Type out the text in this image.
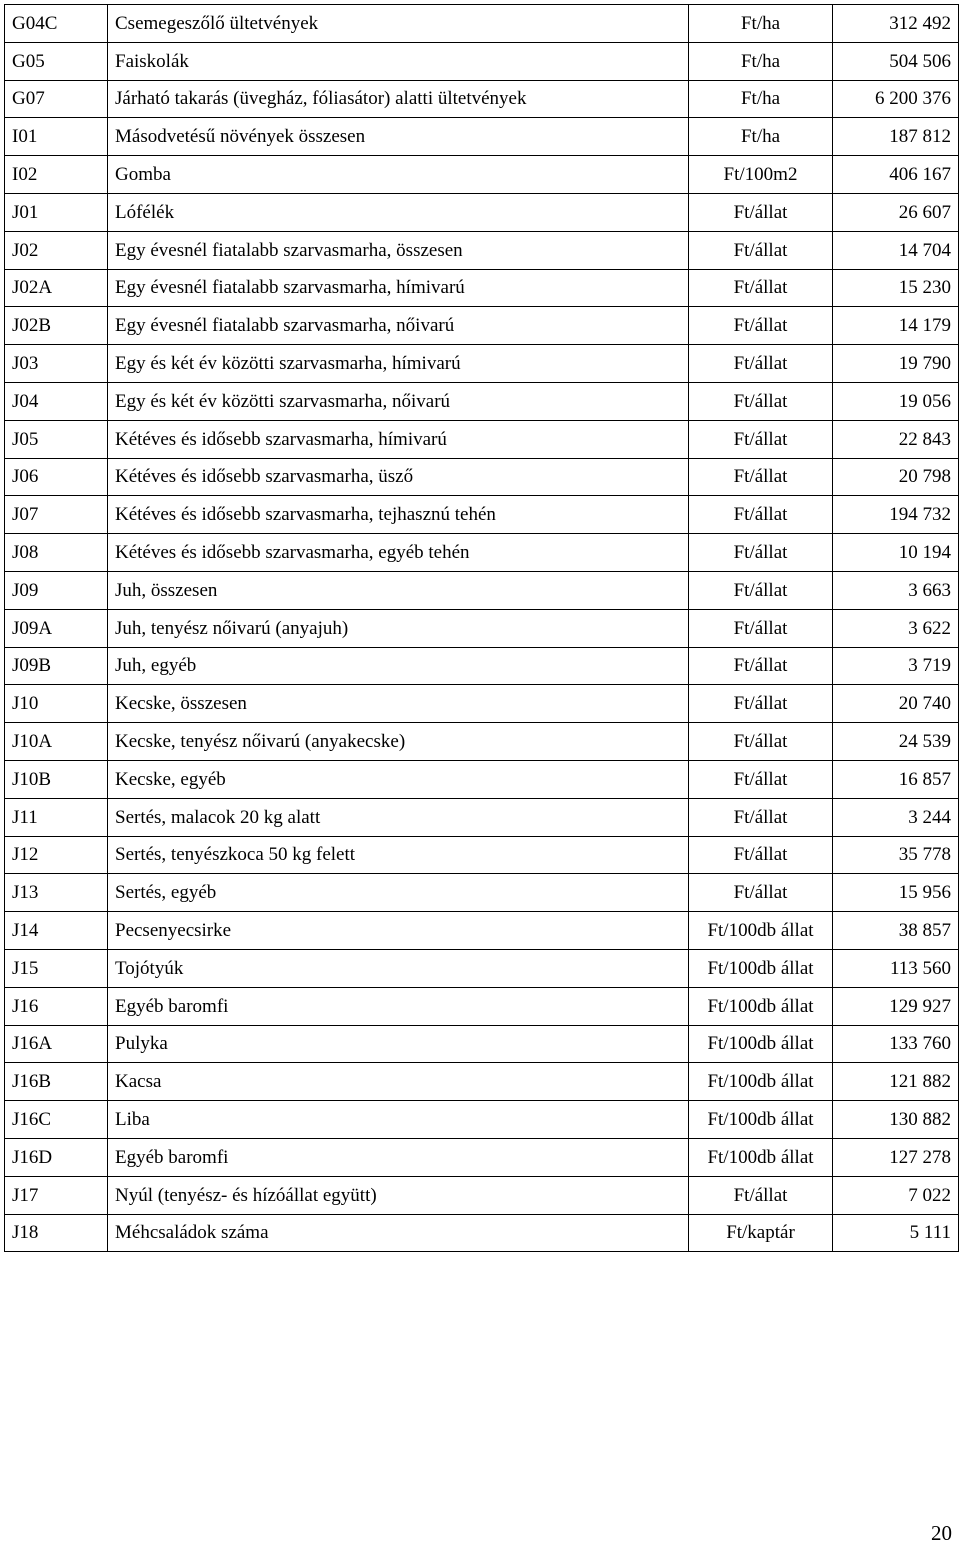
G04C	Csemegeszőlő ültetvények	Ft/ha	312 492
G05	Faiskolák	Ft/ha	504 506
G07	Járható takarás (üvegház, fóliasátor) alatti ültetvények	Ft/ha	6 200 376
I01	Másodvetésű növények összesen	Ft/ha	187 812
I02	Gomba	Ft/100m2	406 167
J01	Lófélék	Ft/állat	26 607
J02	Egy évesnél fiatalabb szarvasmarha, összesen	Ft/állat	14 704
J02A	Egy évesnél fiatalabb szarvasmarha, hímivarú	Ft/állat	15 230
J02B	Egy évesnél fiatalabb szarvasmarha, nőivarú	Ft/állat	14 179
J03	Egy és két év közötti szarvasmarha, hímivarú	Ft/állat	19 790
J04	Egy és két év közötti szarvasmarha, nőivarú	Ft/állat	19 056
J05	Kétéves és idősebb szarvasmarha, hímivarú	Ft/állat	22 843
J06	Kétéves és idősebb szarvasmarha, üsző	Ft/állat	20 798
J07	Kétéves és idősebb szarvasmarha, tejhasznú tehén	Ft/állat	194 732
J08	Kétéves és idősebb szarvasmarha, egyéb tehén	Ft/állat	10 194
J09	Juh, összesen	Ft/állat	3 663
J09A	Juh, tenyész nőivarú (anyajuh)	Ft/állat	3 622
J09B	Juh, egyéb	Ft/állat	3 719
J10	Kecske, összesen	Ft/állat	20 740
J10A	Kecske, tenyész nőivarú (anyakecske)	Ft/állat	24 539
J10B	Kecske, egyéb	Ft/állat	16 857
J11	Sertés, malacok 20 kg alatt	Ft/állat	3 244
J12	Sertés, tenyészkoca 50 kg felett	Ft/állat	35 778
J13	Sertés, egyéb	Ft/állat	15 956
J14	Pecsenyecsirke	Ft/100db állat	38 857
J15	Tojótyúk	Ft/100db állat	113 560
J16	Egyéb baromfi	Ft/100db állat	129 927
J16A	Pulyka	Ft/100db állat	133 760
J16B	Kacsa	Ft/100db állat	121 882
J16C	Liba	Ft/100db állat	130 882
J16D	Egyéb baromfi	Ft/100db állat	127 278
J17	Nyúl (tenyész- és hízóállat együtt)	Ft/állat	7 022
J18	Méhcsaládok száma	Ft/kaptár	5 111
20
